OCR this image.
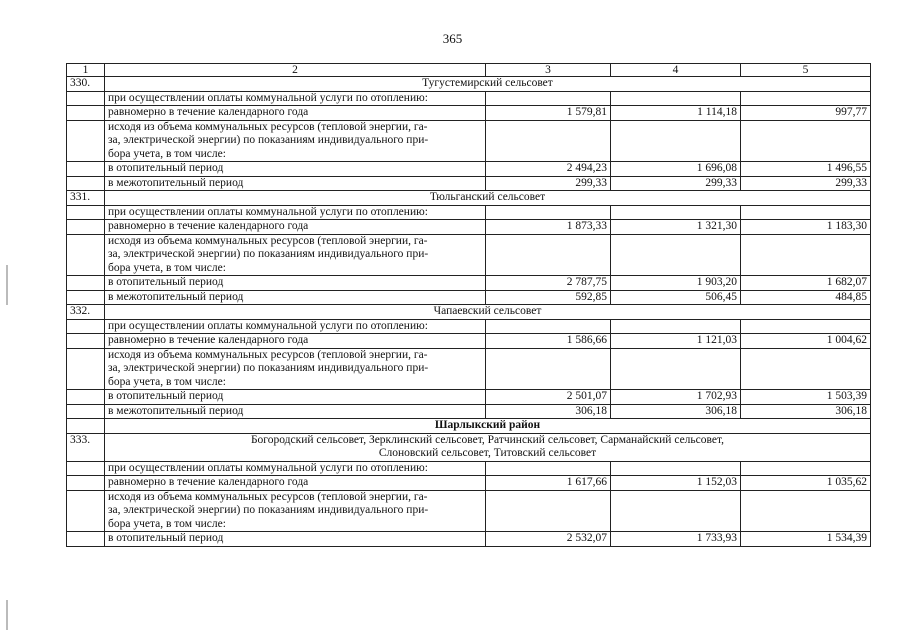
365
1	2	3	4	5
330.	Тугустемирский сельсовет			
	при осуществлении оплаты коммунальной услуги по отоплению:			
	равномерно в течение календарного года	1 579,81	1 114,18	997,77

	исходя из объема коммунальных ресурсов (тепловой энергии, га-
за, электрической энергии) по показаниям индивидуального при-
бора учета, в том числе:			

	в отопительный период	2 494,23	1 696,08	1 496,55
	в межотопительный период	299,33	299,33	299,33
331.	Тюльганский сельсовет			
	при осуществлении оплаты коммунальной услуги по отоплению:			
	равномерно в течение календарного года	1 873,33	1 321,30	1 183,30

	исходя из объема коммунальных ресурсов (тепловой энергии, га-
за, электрической энергии) по показаниям индивидуального при-
бора учета, в том числе:			

	в отопительный период	2 787,75	1 903,20	1 682,07
	в межотопительный период	592,85	506,45	484,85
332.	Чапаевский сельсовет			
	при осуществлении оплаты коммунальной услуги по отоплению:			
	равномерно в течение календарного года	1 586,66	1 121,03	1 004,62

	исходя из объема коммунальных ресурсов (тепловой энергии, га-
за, электрической энергии) по показаниям индивидуального при-
бора учета, в том числе:			

	в отопительный период	2 501,07	1 702,93	1 503,39
	в межотопительный период	306,18	306,18	306,18
	Шарлыкский район			
333.	Богородский сельсовет, Зерклинский сельсовет, Ратчинский сельсовет, Сарманайский сельсовет,
Слоновский сельсовет, Титовский сельсовет			

	при осуществлении оплаты коммунальной услуги по отоплению:			
	равномерно в течение календарного года	1 617,66	1 152,03	1 035,62

	исходя из объема коммунальных ресурсов (тепловой энергии, га-
за, электрической энергии) по показаниям индивидуального при-
бора учета, в том числе:			

	в отопительный период	2 532,07	1 733,93	1 534,39
